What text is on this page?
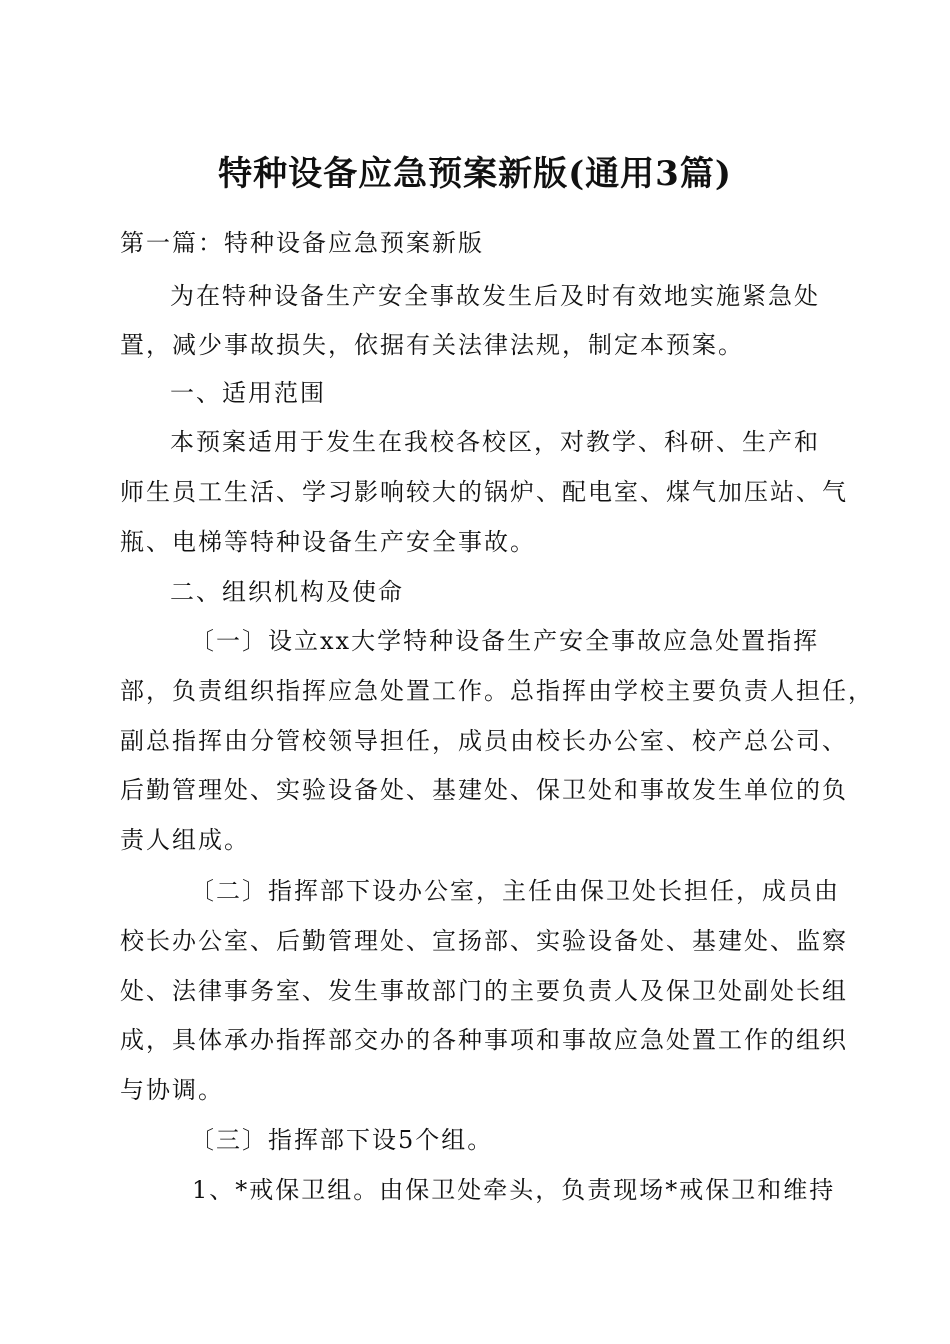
特种设备应急预案新版(通用3篇)
第一篇：特种设备应急预案新版
为在特种设备生产安全事故发生后及时有效地实施紧急处
置，减少事故损失，依据有关法律法规，制定本预案。
一、适用范围
本预案适用于发生在我校各校区，对教学、科研、生产和
师生员工生活、学习影响较大的锅炉、配电室、煤气加压站、气
瓶、电梯等特种设备生产安全事故。
二、组织机构及使命
〔一〕设立xx大学特种设备生产安全事故应急处置指挥
部，负责组织指挥应急处置工作。总指挥由学校主要负责人担任，
副总指挥由分管校领导担任，成员由校长办公室、校产总公司、
后勤管理处、实验设备处、基建处、保卫处和事故发生单位的负
责人组成。
〔二〕指挥部下设办公室，主任由保卫处长担任，成员由
校长办公室、后勤管理处、宣扬部、实验设备处、基建处、监察
处、法律事务室、发生事故部门的主要负责人及保卫处副处长组
成，具体承办指挥部交办的各种事项和事故应急处置工作的组织
与协调。
〔三〕指挥部下设5个组。
1、*戒保卫组。由保卫处牵头，负责现场*戒保卫和维持
